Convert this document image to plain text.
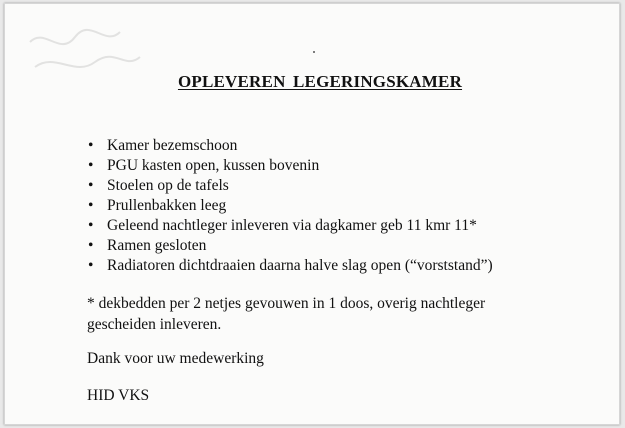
OPLEVEREN LEGERINGSKAMER
• Kamer bezemschoon
• PGU kasten open, kussen bovenin
• Stoelen op de tafels
• Prullenbakken leeg
• Geleend nachtleger inleveren via dagkamer geb 11 kmr 11*
• Ramen gesloten
• Radiatoren dichtdraaien daarna halve slag open (“vorststand”)
* dekbedden per 2 netjes gevouwen in 1 doos, overig nachtleger
gescheiden inleveren.
Dank voor uw medewerking
HID VKS
